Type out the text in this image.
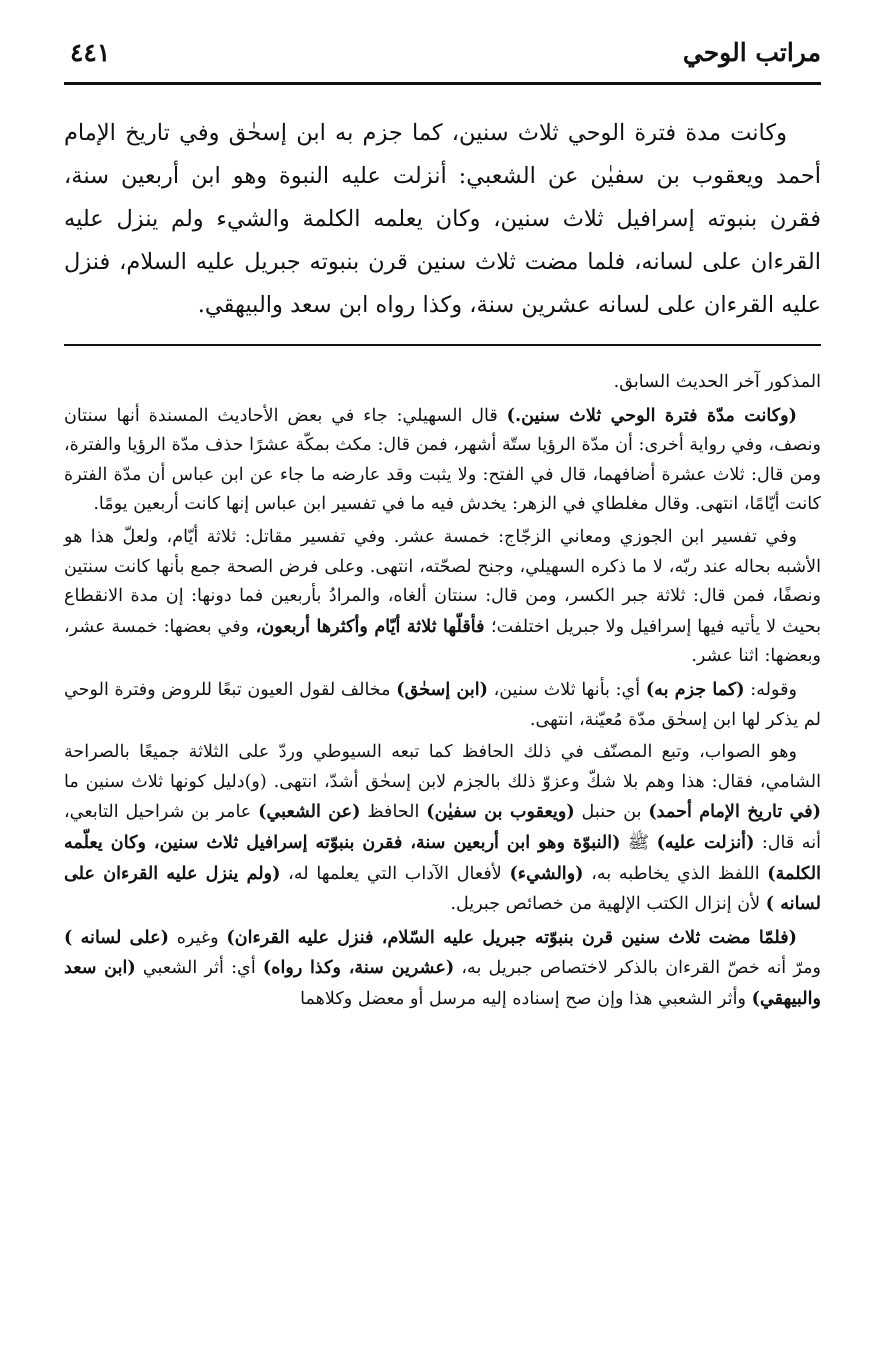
مراتب الوحي
٤٤١

وكانت مدة فترة الوحي ثلاث سنين، كما جزم به ابن إسحٰق وفي تاريخ الإمام أحمد ويعقوب بن سفيٰن عن الشعبي: أنزلت عليه النبوة وهو ابن أربعين سنة، فقرن بنبوته إسرافيل ثلاث سنين، وكان يعلمه الكلمة والشيء ولم ينزل عليه القرءان على لسانه، فلما مضت ثلاث سنين قرن بنبوته جبريل عليه السلام، فنزل عليه القرءان على لسانه عشرين سنة، وكذا رواه ابن سعد والبيهقي.

المذكور آخر الحديث السابق.

(وكانت مدّة فترة الوحي ثلاث سنين.) قال السهيلي: جاء في بعض الأحاديث المسندة أنها سنتان ونصف، وفي رواية أخرى: أن مدّة الرؤيا ستّة أشهر، فمن قال: مكث بمكّة عشرًا حذف مدّة الرؤيا والفترة، ومن قال: ثلاث عشرة أضافهما، قال في الفتح: ولا يثبت وقد عارضه ما جاء عن ابن عباس أن مدّة الفترة كانت أيّامًا، انتهى. وقال مغلطاي في الزهر: يخدش فيه ما في تفسير ابن عباس إنها كانت أربعين يومًا.

وفي تفسير ابن الجوزي ومعاني الزجّاج: خمسة عشر. وفي تفسير مقاتل: ثلاثة أيّام، ولعلّ هذا هو الأشبه بحاله عند ربّه، لا ما ذكره السهيلي، وجنح لصحّته، انتهى. وعلى فرض الصحة جمع بأنها كانت سنتين ونصفًا، فمن قال: ثلاثة جبر الكسر، ومن قال: سنتان ألغاه، والمرادُ بأربعين فما دونها: إن مدة الانقطاع بحيث لا يأتيه فيها إسرافيل ولا جبريل اختلفت؛ فأقلّها ثلاثة أيّام وأكثرها أربعون، وفي بعضها: خمسة عشر، وبعضها: اثنا عشر.

وقوله: (كما جزم به) أي: بأنها ثلاث سنين، (ابن إسحٰق) مخالف لقول العيون تبعًا للروض وفترة الوحي لم يذكر لها ابن إسحٰق مدّة مُعيّنة، انتهى.

وهو الصواب، وتبع المصنّف في ذلك الحافظ كما تبعه السيوطي وردّ على الثلاثة جميعًا بالصراحة الشامي، فقال: هذا وهم بلا شكّ وعزوّ ذلك بالجزم لابن إسحٰق أشدّ، انتهى. (و)دليل كونها ثلاث سنين ما (في تاريخ الإمام أحمد) بن حنبل (ويعقوب بن سفيٰن) الحافظ (عن الشعبي) عامر بن شراحيل التابعي، أنه قال: (أنزلت عليه) ﷺ (النبوّة وهو ابن أربعين سنة، فقرن بنبوّته إسرافيل ثلاث سنين، وكان يعلّمه الكلمة) اللفظ الذي يخاطبه به، (والشيء) لأفعال الآداب التي يعلمها له، (ولم ينزل عليه القرءان على لسانه ) لأن إنزال الكتب الإلهية من خصائص جبريل.

(فلمّا مضت ثلاث سنين قرن بنبوّته جبريل عليه السّلام، فنزل عليه القرءان) وغيره (على لسانه ) ومرّ أنه خصّ القرءان بالذكر لاختصاص جبريل به، (عشرين سنة، وكذا رواه) أي: أثر الشعبي (ابن سعد والبيهقي) وأثر الشعبي هذا وإن صح إسناده إليه مرسل أو معضل وكلاهما
